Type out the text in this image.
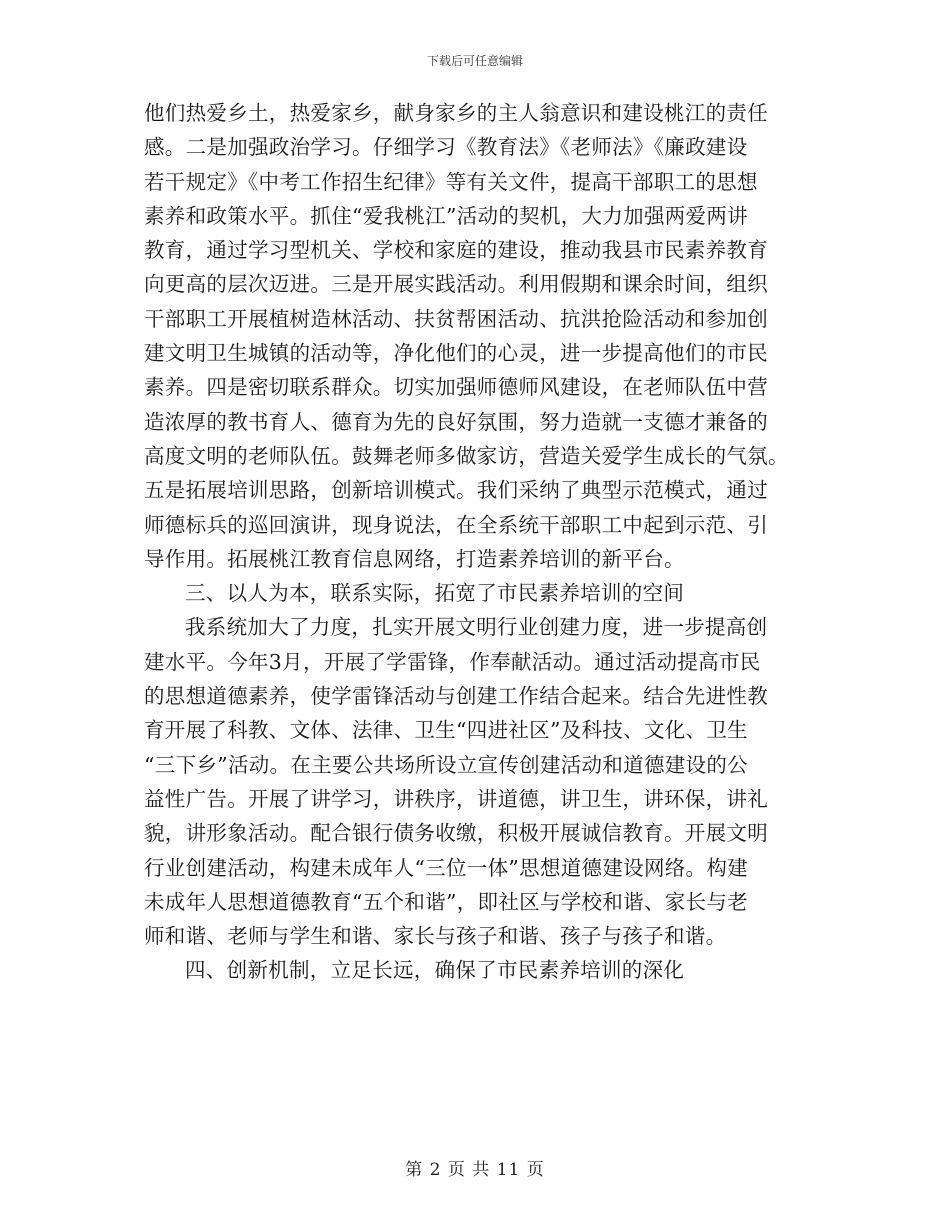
下载后可任意编辑
他们热爱乡土，热爱家乡，献身家乡的主人翁意识和建设桃江的责任
感。二是加强政治学习。仔细学习《教育法》《老师法》《廉政建设
若干规定》《中考工作招生纪律》等有关文件，提高干部职工的思想
素养和政策水平。抓住“爱我桃江”活动的契机，大力加强两爱两讲
教育，通过学习型机关、学校和家庭的建设，推动我县市民素养教育
向更高的层次迈进。三是开展实践活动。利用假期和课余时间，组织
干部职工开展植树造林活动、扶贫帮困活动、抗洪抢险活动和参加创
建文明卫生城镇的活动等，净化他们的心灵，进一步提高他们的市民
素养。四是密切联系群众。切实加强师德师风建设，在老师队伍中营
造浓厚的教书育人、德育为先的良好氛围，努力造就一支德才兼备的
高度文明的老师队伍。鼓舞老师多做家访，营造关爱学生成长的气氛。
五是拓展培训思路，创新培训模式。我们采纳了典型示范模式，通过
师德标兵的巡回演讲，现身说法，在全系统干部职工中起到示范、引
导作用。拓展桃江教育信息网络，打造素养培训的新平台。
三、以人为本，联系实际，拓宽了市民素养培训的空间
我系统加大了力度，扎实开展文明行业创建力度，进一步提高创
建水平。今年3月，开展了学雷锋，作奉献活动。通过活动提高市民
的思想道德素养，使学雷锋活动与创建工作结合起来。结合先进性教
育开展了科教、文体、法律、卫生“四进社区”及科技、文化、卫生
“三下乡”活动。在主要公共场所设立宣传创建活动和道德建设的公
益性广告。开展了讲学习，讲秩序，讲道德，讲卫生，讲环保，讲礼
貌，讲形象活动。配合银行债务收缴，积极开展诚信教育。开展文明
行业创建活动，构建未成年人“三位一体”思想道德建设网络。构建
未成年人思想道德教育“五个和谐”，即社区与学校和谐、家长与老
师和谐、老师与学生和谐、家长与孩子和谐、孩子与孩子和谐。
四、创新机制，立足长远，确保了市民素养培训的深化
第 2 页 共 11 页
